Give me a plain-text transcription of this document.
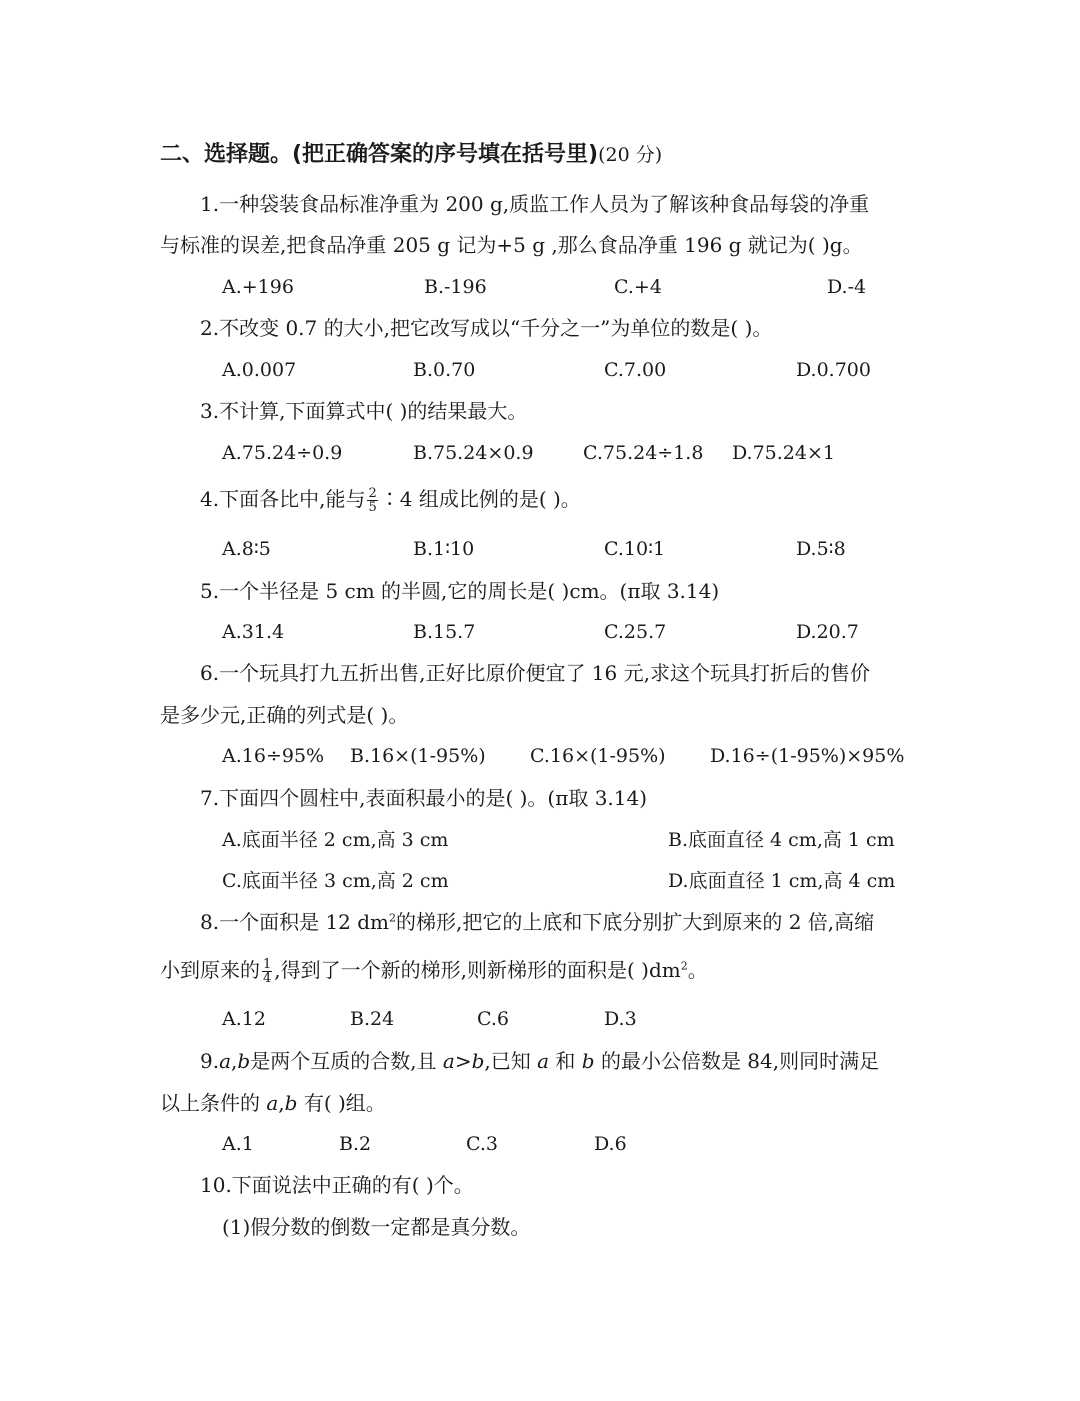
二、选择题。(把正确答案的序号填在括号里)(20 分)
1.一种袋装食品标准净重为 200 g,质监工作人员为了解该种食品每袋的净重
与标准的误差,把食品净重 205 g 记为+5 g ,那么食品净重 196 g 就记为( )g。
A.+196	B.-196	C.+4	D.-4
2.不改变 0.7 的大小,把它改写成以“千分之一”为单位的数是( )。
A.0.007	B.0.70	C.7.00	D.0.700
3.不计算,下面算式中( )的结果最大。
A.75.24÷0.9	B.75.24×0.9	C.75.24÷1.8 D.75.24×1
4.下面各比中,能与 $\frac{2}{5}$ ∶4 组成比例的是( )。
A.8∶5	B.1∶10	C.10∶1	D.5∶8
5.一个半径是 5 cm 的半圆,它的周长是( )cm。(π取 3.14)
A.31.4	B.15.7	C.25.7	D.20.7
6.一个玩具打九五折出售,正好比原价便宜了 16 元,求这个玩具打折后的售价
是多少元,正确的列式是( )。
A.16÷95% B.16×(1-95%) C.16×(1-95%) D.16÷(1-95%)×95%
7.下面四个圆柱中,表面积最小的是( )。(π取 3.14)
A.底面半径 2 cm,高 3 cm	B.底面直径 4 cm,高 1 cm
C.底面半径 3 cm,高 2 cm	D.底面直径 1 cm,高 4 cm
8.一个面积是 12 $dm^2$的梯形,把它的上底和下底分别扩大到原来的 2 倍,高缩
小到原来的 $\frac{1}{4}$ ,得到了一个新的梯形,则新梯形的面积是( )$dm^2$。
A.12	B.24	C.6	D.3
9.a,b是两个互质的合数,且 a>b,已知 a 和 b 的最小公倍数是 84,则同时满足
以上条件的 a,b 有( )组。
A.1	B.2	C.3	D.6
10.下面说法中正确的有( )个。
(1)假分数的倒数一定都是真分数。
